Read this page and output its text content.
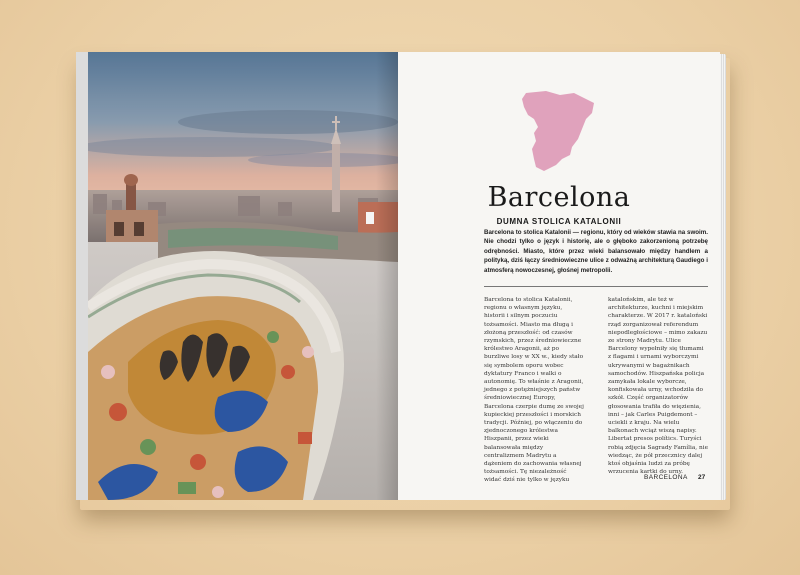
Barcelona
DUMNA STOLICA KATALONII
Barcelona to stolica Katalonii — regionu, który od wieków stawia na swoim. Nie chodzi tylko o język i historię, ale o głęboko zakorzenioną potrzebę odrębności. Miasto, które przez wieki balansowało między handlem a polityką, dziś łączy średniowieczne ulice z odważną architekturą Gaudiego i atmosferą nowoczesnej, głośnej metropolii.

Barcelona to stolica Katalonii, regionu o własnym języku, historii i silnym poczuciu tożsamości. Miasto ma długą i złożoną przeszłość: od czasów rzymskich, przez średniowieczne królestwo Aragonii, aż po burzliwe losy w XX w., kiedy stało się symbolem oporu wobec dyktatury Franco i walki o autonomię. To właśnie z Aragonii, jednego z potężniejszych państw średniowiecznej Europy, Barcelona czerpie dumę ze swojej kupieckiej przeszłości i morskich tradycji. Później, po włączeniu do zjednoczonego królestwa Hiszpanii, przez wieki balansowała między centralizmem Madrytu a dążeniem do zachowania własnej tożsamości. Tę niezależność widać dziś nie tylko w języku

katalońskim, ale też w architekturze, kuchni i miejskim charakterze. W 2017 r. kataloński rząd zorganizował referendum niepodległościowe – mimo zakazu ze strony Madrytu. Ulice Barcelony wypełniły się tłumami z flagami i urnami wyborczymi ukrywanymi w bagażnikach samochodów. Hiszpańska policja zamykała lokale wyborcze, konfiskowała urny, wchodziła do szkół. Część organizatorów głosowania trafiła do więzienia, inni – jak Carles Puigdemont – uciekli z kraju. Na wielu balkonach wciąż wiszą napisy. Libertat presos polítics. Turyści robią zdjęcia Sagrady Família, nie wiedząc, że pół przecznicy dalej ktoś objaśnia ludzi za próbę wrzucenia kartki do urny.

BARCELONA 27
